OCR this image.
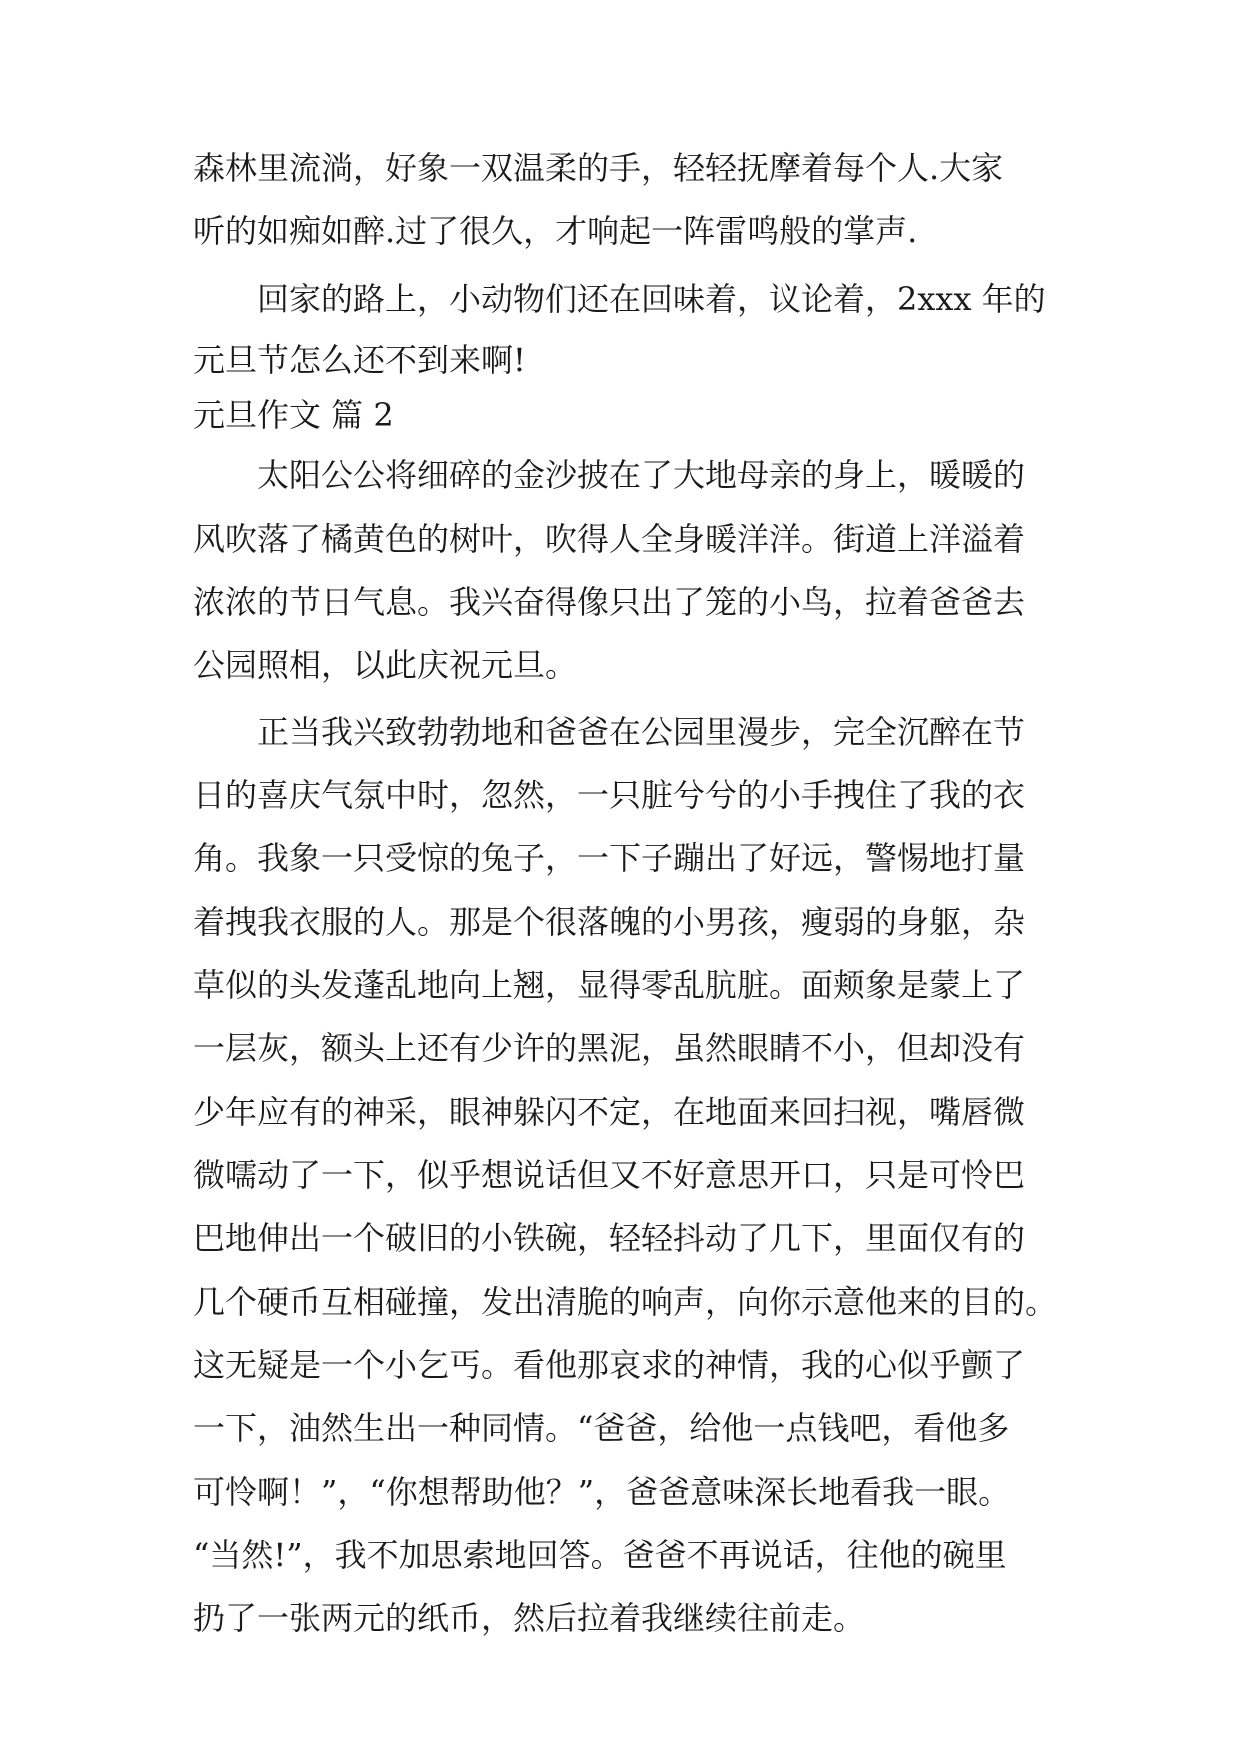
森林里流淌，好象一双温柔的手，轻轻抚摩着每个人.大家
听的如痴如醉.过了很久，才响起一阵雷鸣般的掌声.
回家的路上，小动物们还在回味着，议论着，2xxx 年的
元旦节怎么还不到来啊!
元旦作文 篇 2
太阳公公将细碎的金沙披在了大地母亲的身上，暖暖的
风吹落了橘黄色的树叶，吹得人全身暖洋洋。街道上洋溢着
浓浓的节日气息。我兴奋得像只出了笼的小鸟，拉着爸爸去
公园照相，以此庆祝元旦。
正当我兴致勃勃地和爸爸在公园里漫步，完全沉醉在节
日的喜庆气氛中时，忽然，一只脏兮兮的小手拽住了我的衣
角。我象一只受惊的兔子，一下子蹦出了好远，警惕地打量
着拽我衣服的人。那是个很落魄的小男孩，瘦弱的身躯，杂
草似的头发蓬乱地向上翘，显得零乱肮脏。面颊象是蒙上了
一层灰，额头上还有少许的黑泥，虽然眼睛不小，但却没有
少年应有的神采，眼神躲闪不定，在地面来回扫视，嘴唇微
微嚅动了一下，似乎想说话但又不好意思开口，只是可怜巴
巴地伸出一个破旧的小铁碗，轻轻抖动了几下，里面仅有的
几个硬币互相碰撞，发出清脆的响声，向你示意他来的目的。
这无疑是一个小乞丐。看他那哀求的神情，我的心似乎颤了
一下，油然生出一种同情。“爸爸，给他一点钱吧，看他多
可怜啊！”，“你想帮助他？”，爸爸意味深长地看我一眼。
“当然!”，我不加思索地回答。爸爸不再说话，往他的碗里
扔了一张两元的纸币，然后拉着我继续往前走。
